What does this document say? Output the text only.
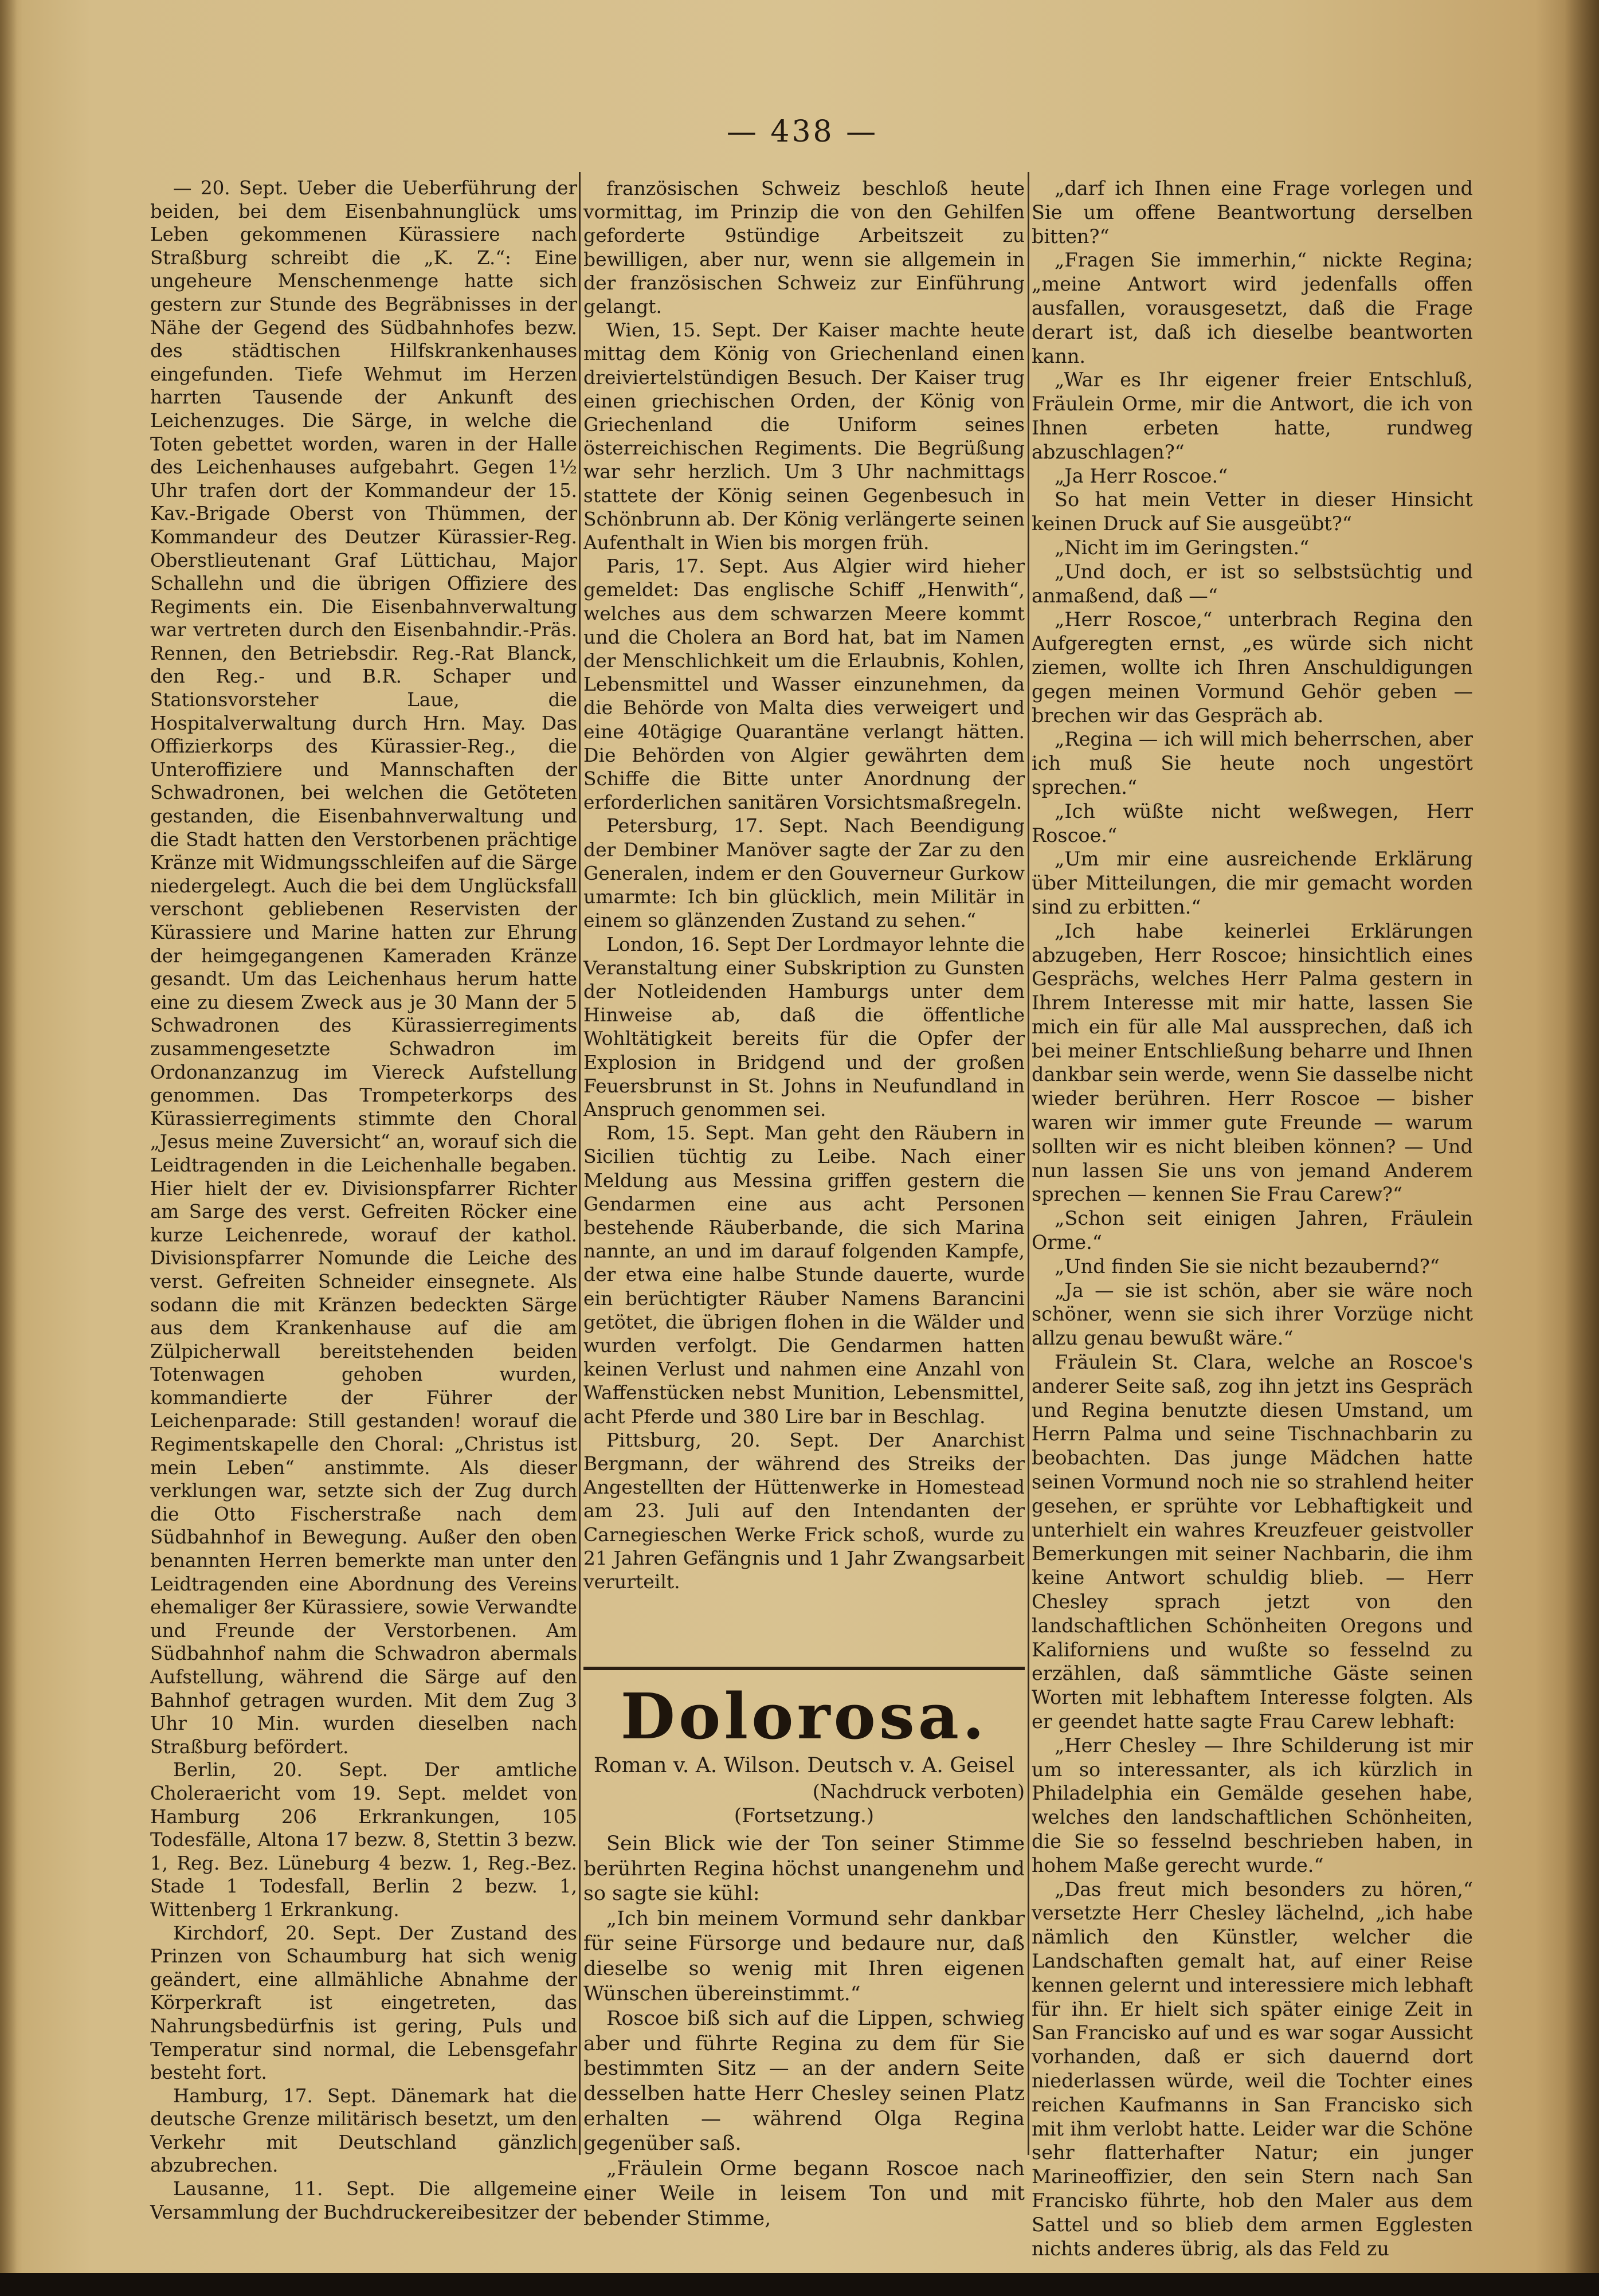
— 438 —

— 20. Sept. Ueber die Ueberführung der beiden, bei dem Eisenbahnunglück ums Leben gekommenen Kürassiere nach Straßburg schreibt die „K. Z.“: Eine ungeheure Menschenmenge hatte sich gestern zur Stunde des Begräbnisses in der Nähe der Gegend des Südbahnhofes bezw. des städtischen Hilfskrankenhauses eingefunden. Tiefe Wehmut im Herzen harrten Tausende der Ankunft des Leichenzuges. Die Särge, in welche die Toten gebettet worden, waren in der Halle des Leichenhauses aufgebahrt. Gegen 1½ Uhr trafen dort der Kommandeur der 15. Kav.-Brigade Oberst von Thümmen, der Kommandeur des Deutzer Kürassier-Reg. Oberstlieutenant Graf Lüttichau, Major Schallehn und die übrigen Offiziere des Regiments ein. Die Eisenbahnverwaltung war vertreten durch den Eisenbahndir.-Präs. Rennen, den Betriebsdir. Reg.-Rat Blanck, den Reg.- und B.R. Schaper und Stationsvorsteher Laue, die Hospitalverwaltung durch Hrn. May. Das Offizierkorps des Kürassier-Reg., die Unteroffiziere und Mannschaften der Schwadronen, bei welchen die Getöteten gestanden, die Eisenbahnverwaltung und die Stadt hatten den Verstorbenen prächtige Kränze mit Widmungsschleifen auf die Särge niedergelegt. Auch die bei dem Unglücksfall verschont gebliebenen Reservisten der Kürassiere und Marine hatten zur Ehrung der heimgegangenen Kameraden Kränze gesandt. Um das Leichenhaus herum hatte eine zu diesem Zweck aus je 30 Mann der 5 Schwadronen des Kürassierregiments zusammengesetzte Schwadron im Ordonanzanzug im Viereck Aufstellung genommen. Das Trompeterkorps des Kürassierregiments stimmte den Choral „Jesus meine Zuversicht“ an, worauf sich die Leidtragenden in die Leichenhalle begaben. Hier hielt der ev. Divisionspfarrer Richter am Sarge des verst. Gefreiten Röcker eine kurze Leichenrede, worauf der kathol. Divisionspfarrer Nomunde die Leiche des verst. Gefreiten Schneider einsegnete. Als sodann die mit Kränzen bedeckten Särge aus dem Krankenhause auf die am Zülpicherwall bereitstehenden beiden Totenwagen gehoben wurden, kommandierte der Führer der Leichenparade: Still gestanden! worauf die Regimentskapelle den Choral: „Christus ist mein Leben“ anstimmte. Als dieser verklungen war, setzte sich der Zug durch die Otto Fischerstraße nach dem Südbahnhof in Bewegung. Außer den oben benannten Herren bemerkte man unter den Leidtragenden eine Abordnung des Vereins ehemaliger 8er Kürassiere, sowie Verwandte und Freunde der Verstorbenen. Am Südbahnhof nahm die Schwadron abermals Aufstellung, während die Särge auf den Bahnhof getragen wurden. Mit dem Zug 3 Uhr 10 Min. wurden dieselben nach Straßburg befördert.

Berlin, 20. Sept. Der amtliche Choleraericht vom 19. Sept. meldet von Hamburg 206 Erkrankungen, 105 Todesfälle, Altona 17 bezw. 8, Stettin 3 bezw. 1, Reg. Bez. Lüneburg 4 bezw. 1, Reg.-Bez. Stade 1 Todesfall, Berlin 2 bezw. 1, Wittenberg 1 Erkrankung.

Kirchdorf, 20. Sept. Der Zustand des Prinzen von Schaumburg hat sich wenig geändert, eine allmähliche Abnahme der Körperkraft ist eingetreten, das Nahrungsbedürfnis ist gering, Puls und Temperatur sind normal, die Lebensgefahr besteht fort.

Hamburg, 17. Sept. Dänemark hat die deutsche Grenze militärisch besetzt, um den Verkehr mit Deutschland gänzlich abzubrechen.

Lausanne, 11. Sept. Die allgemeine Versammlung der Buchdruckereibesitzer der

französischen Schweiz beschloß heute vormittag, im Prinzip die von den Gehilfen geforderte 9stündige Arbeitszeit zu bewilligen, aber nur, wenn sie allgemein in der französischen Schweiz zur Einführung gelangt.

Wien, 15. Sept. Der Kaiser machte heute mittag dem König von Griechenland einen dreiviertelstündigen Besuch. Der Kaiser trug einen griechischen Orden, der König von Griechenland die Uniform seines österreichischen Regiments. Die Begrüßung war sehr herzlich. Um 3 Uhr nachmittags stattete der König seinen Gegenbesuch in Schönbrunn ab. Der König verlängerte seinen Aufenthalt in Wien bis morgen früh.

Paris, 17. Sept. Aus Algier wird hieher gemeldet: Das englische Schiff „Henwith“, welches aus dem schwarzen Meere kommt und die Cholera an Bord hat, bat im Namen der Menschlichkeit um die Erlaubnis, Kohlen, Lebensmittel und Wasser einzunehmen, da die Behörde von Malta dies verweigert und eine 40tägige Quarantäne verlangt hätten. Die Behörden von Algier gewährten dem Schiffe die Bitte unter Anordnung der erforderlichen sanitären Vorsichtsmaßregeln.

Petersburg, 17. Sept. Nach Beendigung der Dembiner Manöver sagte der Zar zu den Generalen, indem er den Gouverneur Gurkow umarmte: Ich bin glücklich, mein Militär in einem so glänzenden Zustand zu sehen.“

London, 16. Sept Der Lordmayor lehnte die Veranstaltung einer Subskription zu Gunsten der Notleidenden Hamburgs unter dem Hinweise ab, daß die öffentliche Wohltätigkeit bereits für die Opfer der Explosion in Bridgend und der großen Feuersbrunst in St. Johns in Neufundland in Anspruch genommen sei.

Rom, 15. Sept. Man geht den Räubern in Sicilien tüchtig zu Leibe. Nach einer Meldung aus Messina griffen gestern die Gendarmen eine aus acht Personen bestehende Räuberbande, die sich Marina nannte, an und im darauf folgenden Kampfe, der etwa eine halbe Stunde dauerte, wurde ein berüchtigter Räuber Namens Barancini getötet, die übrigen flohen in die Wälder und wurden verfolgt. Die Gendarmen hatten keinen Verlust und nahmen eine Anzahl von Waffenstücken nebst Munition, Lebensmittel, acht Pferde und 380 Lire bar in Beschlag.

Pittsburg, 20. Sept. Der Anarchist Bergmann, der während des Streiks der Angestellten der Hüttenwerke in Homestead am 23. Juli auf den Intendanten der Carnegieschen Werke Frick schoß, wurde zu 21 Jahren Gefängnis und 1 Jahr Zwangsarbeit verurteilt.

Dolorosa.
Roman v. A. Wilson. Deutsch v. A. Geisel
(Nachdruck verboten)
(Fortsetzung.)

Sein Blick wie der Ton seiner Stimme berührten Regina höchst unangenehm und so sagte sie kühl:

„Ich bin meinem Vormund sehr dankbar für seine Fürsorge und bedaure nur, daß dieselbe so wenig mit Ihren eigenen Wünschen übereinstimmt.“

Roscoe biß sich auf die Lippen, schwieg aber und führte Regina zu dem für Sie bestimmten Sitz — an der andern Seite desselben hatte Herr Chesley seinen Platz erhalten — während Olga Regina gegenüber saß.

„Fräulein Orme begann Roscoe nach einer Weile in leisem Ton und mit bebender Stimme,

„darf ich Ihnen eine Frage vorlegen und Sie um offene Beantwortung derselben bitten?“

„Fragen Sie immerhin,“ nickte Regina; „meine Antwort wird jedenfalls offen ausfallen, vorausgesetzt, daß die Frage derart ist, daß ich dieselbe beantworten kann.

„War es Ihr eigener freier Entschluß, Fräulein Orme, mir die Antwort, die ich von Ihnen erbeten hatte, rundweg abzuschlagen?“

„Ja Herr Roscoe.“

So hat mein Vetter in dieser Hinsicht keinen Druck auf Sie ausgeübt?“

„Nicht im im Geringsten.“

„Und doch, er ist so selbstsüchtig und anmaßend, daß —“

„Herr Roscoe,“ unterbrach Regina den Aufgeregten ernst, „es würde sich nicht ziemen, wollte ich Ihren Anschuldigungen gegen meinen Vormund Gehör geben — brechen wir das Gespräch ab.

„Regina — ich will mich beherrschen, aber ich muß Sie heute noch ungestört sprechen.“

„Ich wüßte nicht weßwegen, Herr Roscoe.“

„Um mir eine ausreichende Erklärung über Mitteilungen, die mir gemacht worden sind zu erbitten.“

„Ich habe keinerlei Erklärungen abzugeben, Herr Roscoe; hinsichtlich eines Gesprächs, welches Herr Palma gestern in Ihrem Interesse mit mir hatte, lassen Sie mich ein für alle Mal aussprechen, daß ich bei meiner Entschließung beharre und Ihnen dankbar sein werde, wenn Sie dasselbe nicht wieder berühren. Herr Roscoe — bisher waren wir immer gute Freunde — warum sollten wir es nicht bleiben können? — Und nun lassen Sie uns von jemand Anderem sprechen — kennen Sie Frau Carew?“

„Schon seit einigen Jahren, Fräulein Orme.“

„Und finden Sie sie nicht bezaubernd?“

„Ja — sie ist schön, aber sie wäre noch schöner, wenn sie sich ihrer Vorzüge nicht allzu genau bewußt wäre.“

Fräulein St. Clara, welche an Roscoe's anderer Seite saß, zog ihn jetzt ins Gespräch und Regina benutzte diesen Umstand, um Herrn Palma und seine Tischnachbarin zu beobachten. Das junge Mädchen hatte seinen Vormund noch nie so strahlend heiter gesehen, er sprühte vor Lebhaftigkeit und unterhielt ein wahres Kreuzfeuer geistvoller Bemerkungen mit seiner Nachbarin, die ihm keine Antwort schuldig blieb. — Herr Chesley sprach jetzt von den landschaftlichen Schönheiten Oregons und Kaliforniens und wußte so fesselnd zu erzählen, daß sämmtliche Gäste seinen Worten mit lebhaftem Interesse folgten. Als er geendet hatte sagte Frau Carew lebhaft:

„Herr Chesley — Ihre Schilderung ist mir um so interessanter, als ich kürzlich in Philadelphia ein Gemälde gesehen habe, welches den landschaftlichen Schönheiten, die Sie so fesselnd beschrieben haben, in hohem Maße gerecht wurde.“

„Das freut mich besonders zu hören,“ versetzte Herr Chesley lächelnd, „ich habe nämlich den Künstler, welcher die Landschaften gemalt hat, auf einer Reise kennen gelernt und interessiere mich lebhaft für ihn. Er hielt sich später einige Zeit in San Francisko auf und es war sogar Aussicht vorhanden, daß er sich dauernd dort niederlassen würde, weil die Tochter eines reichen Kaufmanns in San Francisko sich mit ihm verlobt hatte. Leider war die Schöne sehr flatterhafter Natur; ein junger Marineoffizier, den sein Stern nach San Francisko führte, hob den Maler aus dem Sattel und so blieb dem armen Egglesten nichts anderes übrig, als das Feld zu
